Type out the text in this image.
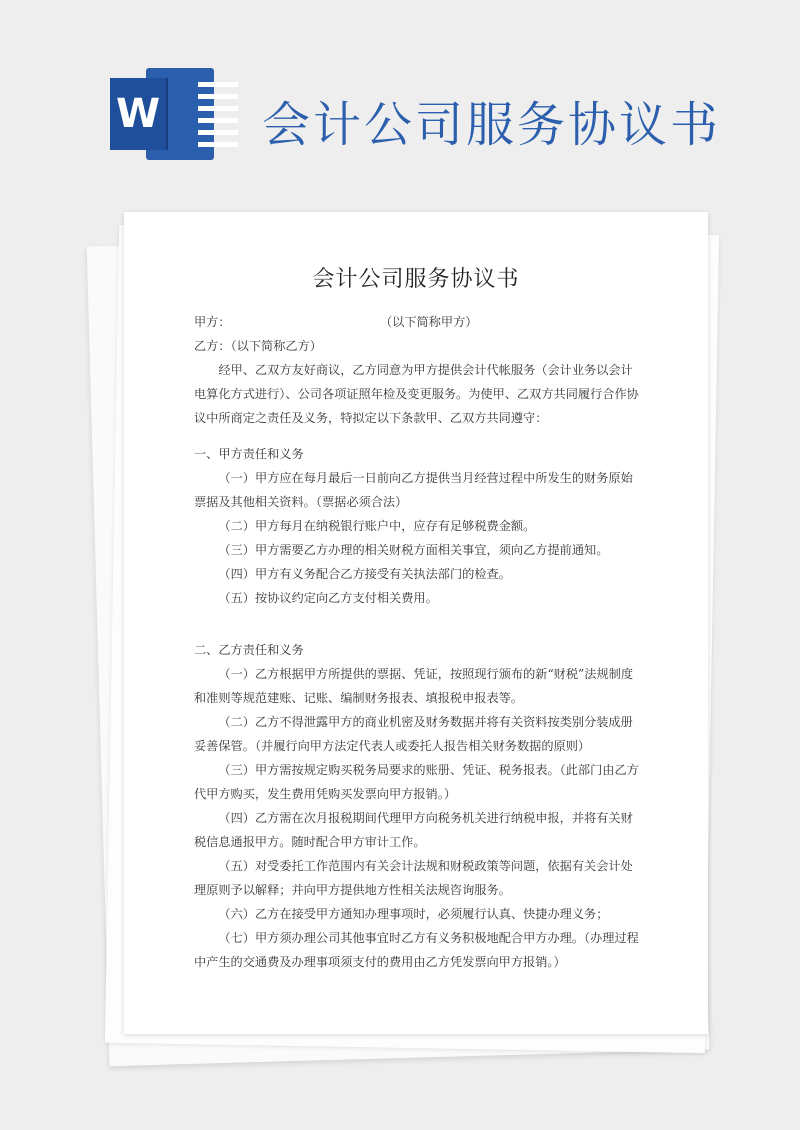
W 会计公司服务协议书
会计公司服务协议书

甲方：	（以下简称甲方）

乙方：（以下简称乙方）

经甲、乙双方友好商议，乙方同意为甲方提供会计代帐服务（会计业务以会计电算化方式进行）、公司各项证照年检及变更服务。为使甲、乙双方共同履行合作协议中所商定之责任及义务，特拟定以下条款甲、乙双方共同遵守：

一、甲方责任和义务

（一）甲方应在每月最后一日前向乙方提供当月经营过程中所发生的财务原始票据及其他相关资料。（票据必须合法）

（二）甲方每月在纳税银行账户中，应存有足够税费金额。

（三）甲方需要乙方办理的相关财税方面相关事宜，须向乙方提前通知。

（四）甲方有义务配合乙方接受有关执法部门的检查。

（五）按协议约定向乙方支付相关费用。

二、乙方责任和义务

（一）乙方根据甲方所提供的票据、凭证，按照现行颁布的新“财税”法规制度和准则等规范建账、记账、编制财务报表、填报税申报表等。

（二）乙方不得泄露甲方的商业机密及财务数据并将有关资料按类别分装成册妥善保管。（并履行向甲方法定代表人或委托人报告相关财务数据的原则）

（三）甲方需按规定购买税务局要求的账册、凭证、税务报表。（此部门由乙方代甲方购买，发生费用凭购买发票向甲方报销。）

（四）乙方需在次月报税期间代理甲方向税务机关进行纳税申报，并将有关财税信息通报甲方。随时配合甲方审计工作。

（五）对受委托工作范围内有关会计法规和财税政策等问题，依据有关会计处理原则予以解释；并向甲方提供地方性相关法规咨询服务。

（六）乙方在接受甲方通知办理事项时，必须履行认真、快捷办理义务；

（七）甲方须办理公司其他事宜时乙方有义务积极地配合甲方办理。（办理过程中产生的交通费及办理事项须支付的费用由乙方凭发票向甲方报销。）
